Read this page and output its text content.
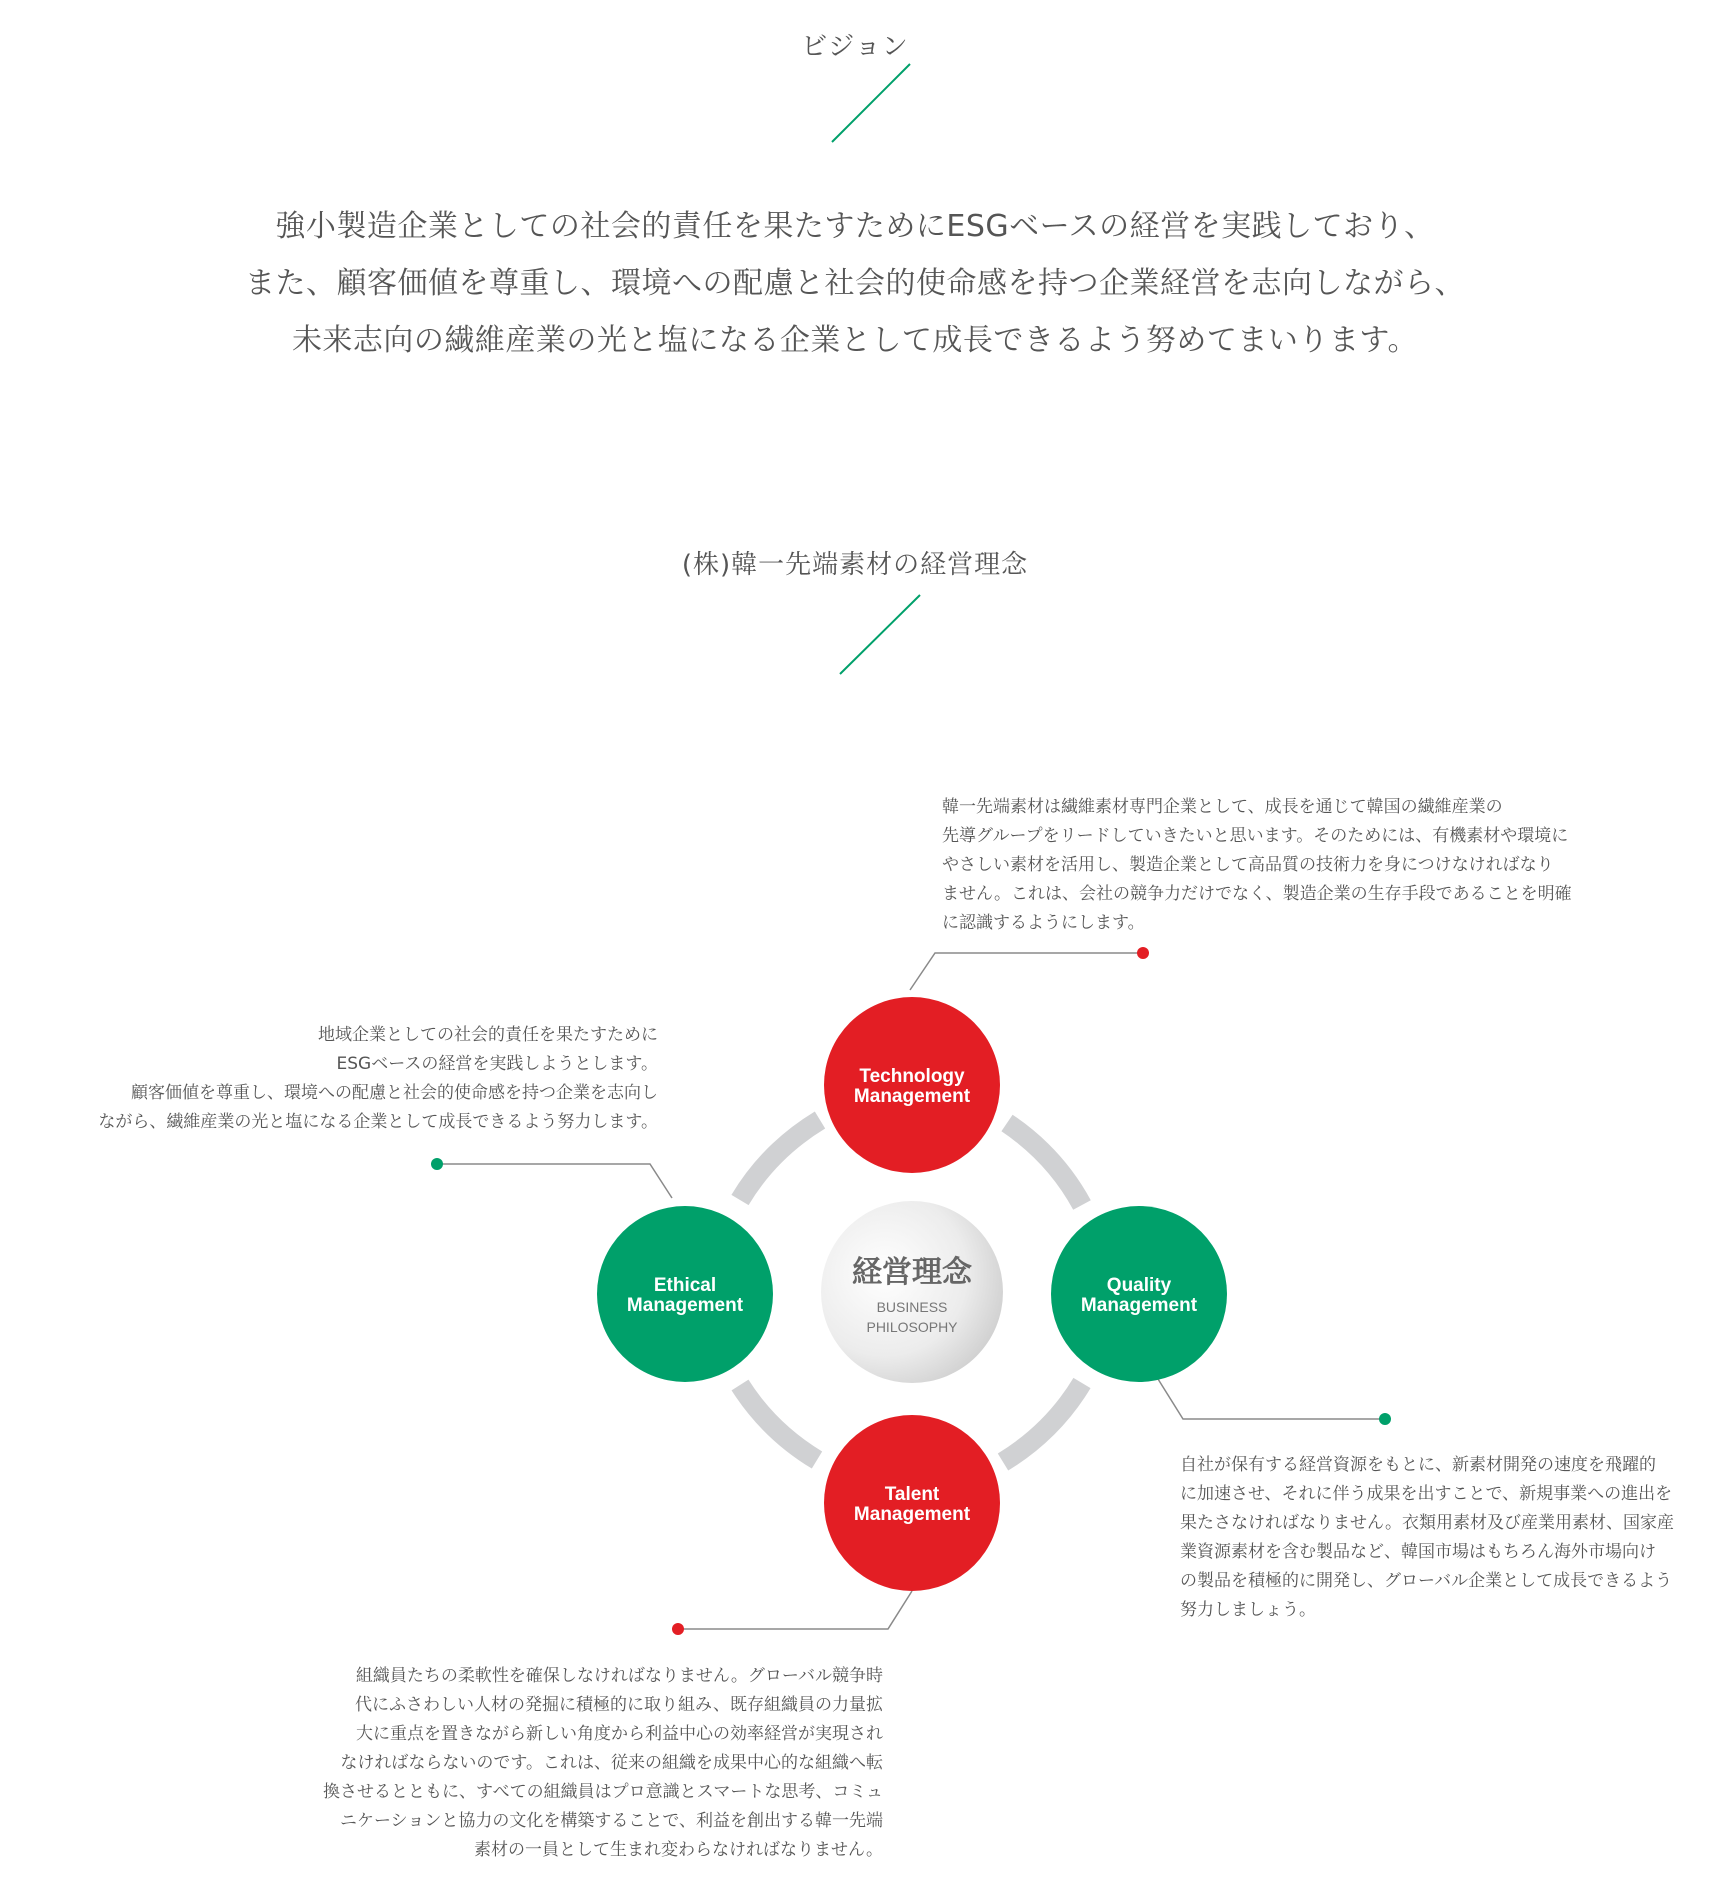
ビジョン
強小製造企業としての社会的責任を果たすためにESGベースの経営を実践しており、
また、顧客価値を尊重し、環境への配慮と社会的使命感を持つ企業経営を志向しながら、
未来志向の繊維産業の光と塩になる企業として成長できるよう努めてまいります。
(株)韓一先端素材の経営理念
経営理念
BUSINESS
PHILOSOPHY
Technology
Management
Ethical
Management
Quality
Management
Talent
Management
韓一先端素材は繊維素材専門企業として、成長を通じて韓国の繊維産業の
先導グループをリードしていきたいと思います。そのためには、有機素材や環境に
やさしい素材を活用し、製造企業として高品質の技術力を身につけなければなり
ません。これは、会社の競争力だけでなく、製造企業の生存手段であることを明確
に認識するようにします。
地域企業としての社会的責任を果たすために
ESGベースの経営を実践しようとします。
顧客価値を尊重し、環境への配慮と社会的使命感を持つ企業を志向し
ながら、繊維産業の光と塩になる企業として成長できるよう努力します。
自社が保有する経営資源をもとに、新素材開発の速度を飛躍的
に加速させ、それに伴う成果を出すことで、新規事業への進出を
果たさなければなりません。衣類用素材及び産業用素材、国家産
業資源素材を含む製品など、韓国市場はもちろん海外市場向け
の製品を積極的に開発し、グローバル企業として成長できるよう
努力しましょう。
組織員たちの柔軟性を確保しなければなりません。グローバル競争時
代にふさわしい人材の発掘に積極的に取り組み、既存組織員の力量拡
大に重点を置きながら新しい角度から利益中心の効率経営が実現され
なければならないのです。これは、従来の組織を成果中心的な組織へ転
換させるとともに、すべての組織員はプロ意識とスマートな思考、コミュ
ニケーションと協力の文化を構築することで、利益を創出する韓一先端
素材の一員として生まれ変わらなければなりません。
